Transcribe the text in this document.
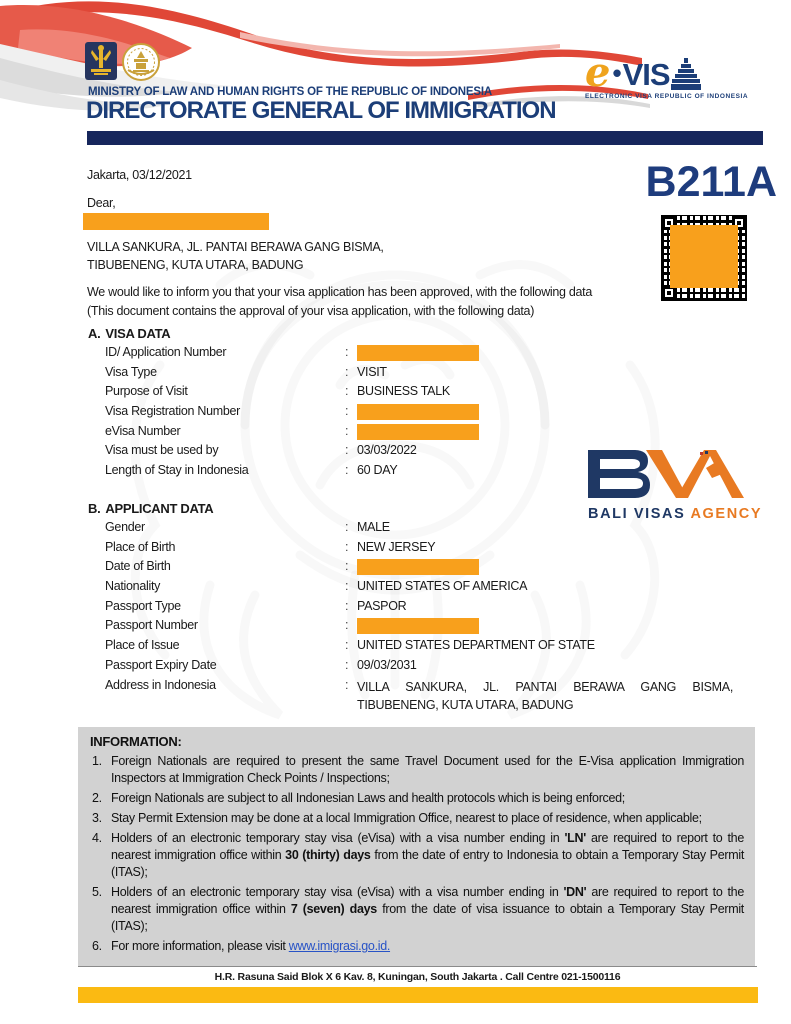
MINISTRY OF LAW AND HUMAN RIGHTS OF THE REPUBLIC OF INDONESIA
DIRECTORATE GENERAL OF IMMIGRATION
e • VIS
ELECTRONIC VISA REPUBLIC OF INDONESIA
Jakarta, 03/12/2021
Dear,
VILLA SANKURA, JL. PANTAI BERAWA GANG BISMA,
TIBUBENENG, KUTA UTARA, BADUNG
B211A
We would like to inform you that your visa application has been approved, with the following data
(This document contains the approval of your visa application, with the following data)
A. VISA DATA
ID/ Application Number	:
Visa Type	: VISIT
Purpose of Visit	: BUSINESS TALK
Visa Registration Number	:
eVisa Number	:
Visa must be used by	: 03/03/2022
Length of Stay in Indonesia	: 60 DAY
B. APPLICANT DATA
Gender	: MALE
Place of Birth	: NEW JERSEY
Date of Birth	:
Nationality	: UNITED STATES OF AMERICA
Passport Type	: PASPOR
Passport Number	:
Place of Issue	: UNITED STATES DEPARTMENT OF STATE
Passport Expiry Date	: 09/03/2031
Address in Indonesia	: VILLA SANKURA, JL. PANTAI BERAWA GANG BISMA, TIBUBENENG, KUTA UTARA, BADUNG
BALI VISAS AGENCY
INFORMATION:
1. Foreign Nationals are required to present the same Travel Document used for the E-Visa application Immigration Inspectors at Immigration Check Points / Inspections;
2. Foreign Nationals are subject to all Indonesian Laws and health protocols which is being enforced;
3. Stay Permit Extension may be done at a local Immigration Office, nearest to place of residence, when applicable;
4. Holders of an electronic temporary stay visa (eVisa) with a visa number ending in 'LN' are required to report to the nearest immigration office within 30 (thirty) days from the date of entry to Indonesia to obtain a Temporary Stay Permit (ITAS);
5. Holders of an electronic temporary stay visa (eVisa) with a visa number ending in 'DN' are required to report to the nearest immigration office within 7 (seven) days from the date of visa issuance to obtain a Temporary Stay Permit (ITAS);
6. For more information, please visit www.imigrasi.go.id.
H.R. Rasuna Said Blok X 6 Kav. 8, Kuningan, South Jakarta . Call Centre 021-1500116
